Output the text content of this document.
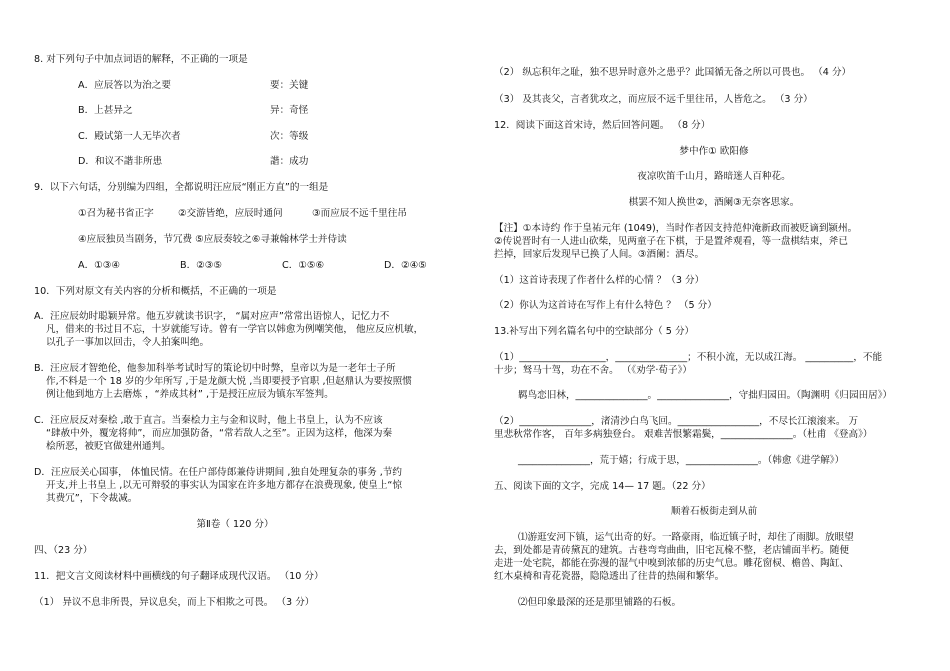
8. 对下列句子中加点词语的解释，不正确的一项是
A．应辰答以为治之要	要：关键
B．上甚异之	异：奇怪
C．殿试第一人无毕次者	次：等级
D．和议不諧非所患	諧：成功
9．以下六句话，分别编为四组，全都说明汪应辰“刚正方直”的一组是
①召为秘书省正字	②交游皆绝，应辰时通问	③而应辰不远千里往吊
④应辰独员当剧务，节冗费 ⑤应辰奏较之⑥寻兼翰林学士并侍读
A．①③④	B．②③⑤	C．①⑤⑥	D．②④⑤
10．下列对原文有关内容的分析和概括，不正确的一项是
A．汪应辰幼时聪颖异常。他五岁就读书识字， “属对应声”常常出语惊人，记忆力不
凡，借来的书过目不忘，十岁就能写诗。曾有一学官以韩愈为例嘲笑他， 他应反应机敏，
以孔子一事加以回击，令人拍案叫绝。
B．汪应辰才智绝伦，他参加科举考试时写的策论切中时弊，皇帝以为是一老年士子所
作,不料是一个 18 岁的少年所写 ,于是龙颜大悦 ,当即要授予官职 ,但赵鼎认为要按照惯
例让他到地方上去磨炼 ，“养成其材” ,于是授汪应辰为镇东军签判。
C．汪应辰反对秦桧 ,敢于直言。当秦桧力主与金和议时，他上书皇上，认为不应该
“肆赦中外，覆宠将帅”，而应加强防备，“常若敌人之至”。正因为这样，他深为秦
桧所恶，被贬官做建州通判。
D．汪应辰关心国事， 体恤民情。在任户部侍郎兼侍讲期间 ,独自处理复杂的事务 ,节约
开支,并上书皇上 ,以无可辩驳的事实认为国家在许多地方都存在浪费现象, 使皇上“惊
其费冗”，下令裁减。
第Ⅱ卷（ 120 分）
四、（23 分）
11．把文言文阅读材料中画横线的句子翻译成现代汉语。 （10 分）
（1） 异议不息非所畏，异议息矣，而上下相欺之可畏。 （3 分）
（2） 纵忘积年之耻，独不思异时意外之患乎？此国循无备之所以可畏也。 （4 分）
（3） 及其丧父，言者犹攻之，而应辰不远千里往吊，人皆危之。 （3 分）
12．阅读下面这首宋诗，然后回答问题。 （8 分）
梦中作① 欧阳修
夜凉吹笛千山月，路暗迷人百种花。
棋罢不知人换世②，酒阑③无奈客思家。
【注】①本诗约 作于皇祐元年 (1049)，当时作者因支持范仲淹新政而被贬谪到颍州。
②传说晋时有一人进山砍柴，见两童子在下棋，于是置斧观看，等一盘棋结束，斧已
拦掉，回家后发现早已换了人间。③酒阑：酒尽。
（1）这首诗表现了作者什么样的心情 ？（3 分）
（2）你认为这首诗在写作上有什么特色 ？ （5 分）
13.补写出下列名篇名句中的空缺部分（ 5 分）
（1）__________________，_______________；不积小流，无以成江海。 __________，不能
十步；驽马十驾，功在不舍。 （《劝学·荀子》）
羁鸟恋旧林，_______________。_______________，守拙归园田。（陶渊明《归园田居》）
（2）_______________，渚清沙白鸟飞回。_________________，不尽长江滚滚来。 万
里悲秋常作客， 百年多病独登台。 艰难苦恨繁霜鬓，_______________。（杜甫 《登高》）
_______________，荒于嬉；行成于思，_______________。（韩愈《进学解》）
五、阅读下面的文字，完成 14— 17 题。（22 分）
顺着石板街走到从前
⑴游逛安河下镇，运气出奇的好。一路豪雨，临近镇子时，却住了雨脚。放眼望
去，到处都是青砖黛瓦的建筑。古巷弯弯曲曲，旧宅瓦椽不整，老店铺面半朽。随便
走进一处宅院，都能在弥漫的湿气中嗅到浓郁的历史气息。雕花窗棂、檐兽、陶缸、
红木桌椅和青花瓷器，隐隐透出了往昔的热闹和繁华。
⑵但印象最深的还是那里铺路的石板。
